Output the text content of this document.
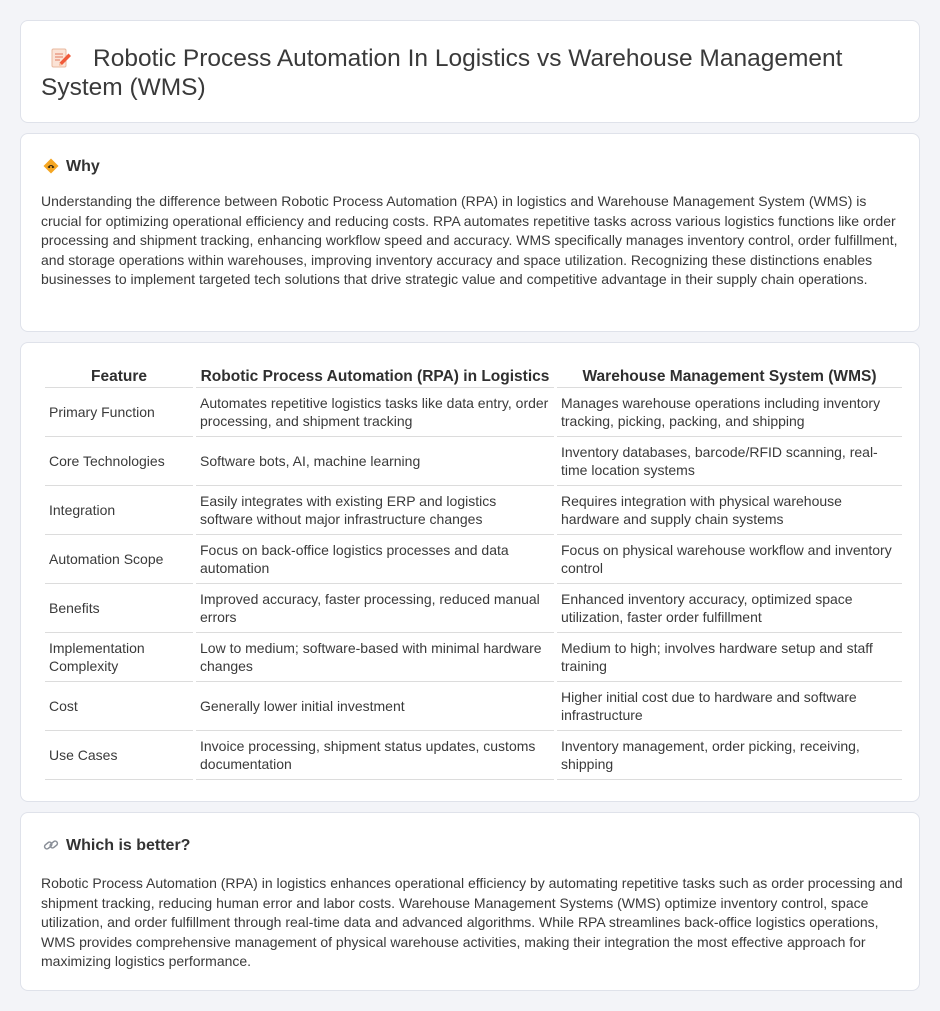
Robotic Process Automation In Logistics vs Warehouse Management System (WMS)
Why

Understanding the difference between Robotic Process Automation (RPA) in logistics and Warehouse Management System (WMS) is crucial for optimizing operational efficiency and reducing costs. RPA automates repetitive tasks across various logistics functions like order processing and shipment tracking, enhancing workflow speed and accuracy. WMS specifically manages inventory control, order fulfillment, and storage operations within warehouses, improving inventory accuracy and space utilization. Recognizing these distinctions enables businesses to implement targeted tech solutions that drive strategic value and competitive advantage in their supply chain operations.

Feature	Robotic Process Automation (RPA) in Logistics	Warehouse Management System (WMS)
Primary Function	Automates repetitive logistics tasks like data entry, order processing, and shipment tracking	Manages warehouse operations including inventory tracking, picking, packing, and shipping
Core Technologies	Software bots, AI, machine learning	Inventory databases, barcode/RFID scanning, real-time location systems
Integration	Easily integrates with existing ERP and logistics software without major infrastructure changes	Requires integration with physical warehouse hardware and supply chain systems
Automation Scope	Focus on back-office logistics processes and data automation	Focus on physical warehouse workflow and inventory control
Benefits	Improved accuracy, faster processing, reduced manual errors	Enhanced inventory accuracy, optimized space utilization, faster order fulfillment
Implementation Complexity	Low to medium; software-based with minimal hardware changes	Medium to high; involves hardware setup and staff training
Cost	Generally lower initial investment	Higher initial cost due to hardware and software infrastructure
Use Cases	Invoice processing, shipment status updates, customs documentation	Inventory management, order picking, receiving, shipping
Which is better?

Robotic Process Automation (RPA) in logistics enhances operational efficiency by automating repetitive tasks such as order processing and shipment tracking, reducing human error and labor costs. Warehouse Management Systems (WMS) optimize inventory control, space utilization, and order fulfillment through real-time data and advanced algorithms. While RPA streamlines back-office logistics operations, WMS provides comprehensive management of physical warehouse activities, making their integration the most effective approach for maximizing logistics performance.
